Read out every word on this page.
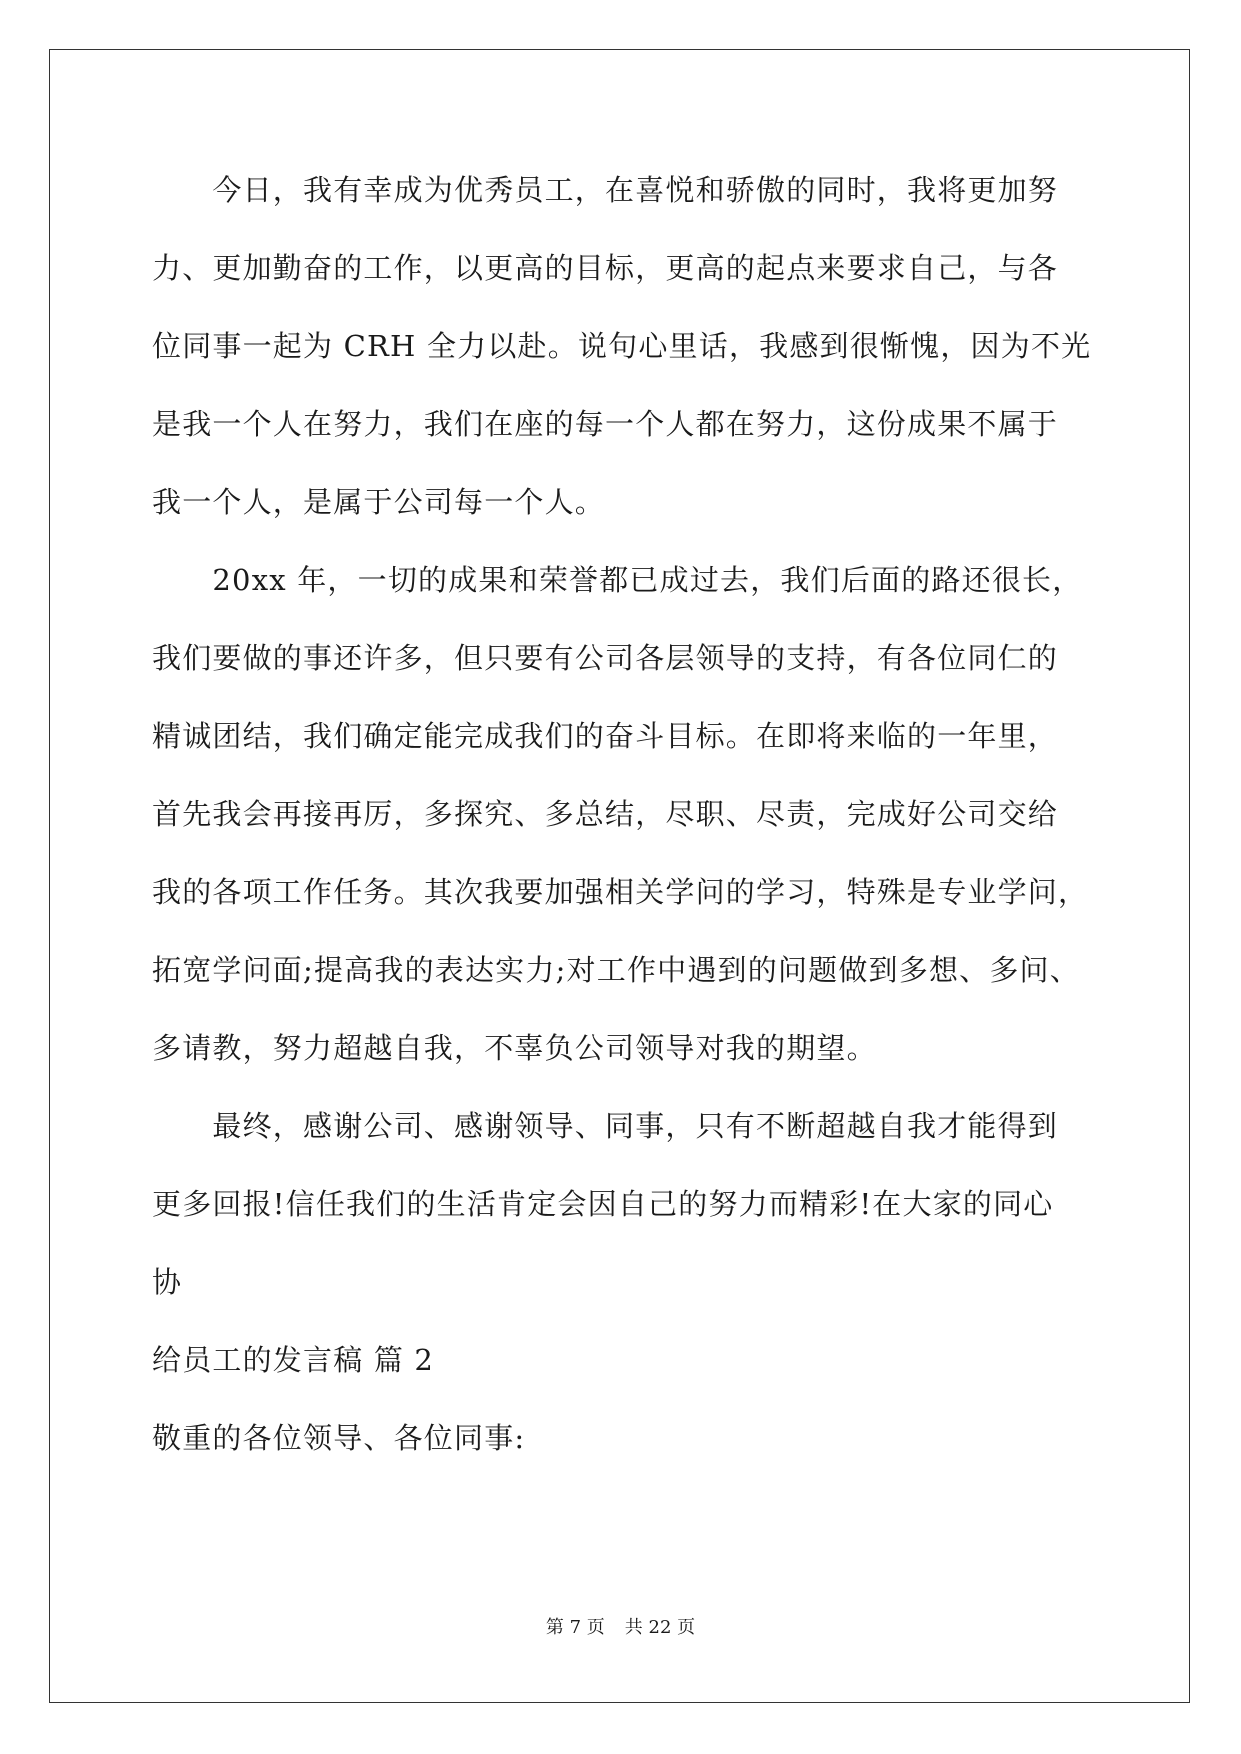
　　今日，我有幸成为优秀员工，在喜悦和骄傲的同时，我将更加努
力、更加勤奋的工作，以更高的目标，更高的起点来要求自己，与各
位同事一起为 CRH 全力以赴。说句心里话，我感到很惭愧，因为不光
是我一个人在努力，我们在座的每一个人都在努力，这份成果不属于
我一个人，是属于公司每一个人。
　　20xx 年，一切的成果和荣誉都已成过去，我们后面的路还很长，
我们要做的事还许多，但只要有公司各层领导的支持，有各位同仁的
精诚团结，我们确定能完成我们的奋斗目标。在即将来临的一年里，
首先我会再接再厉，多探究、多总结，尽职、尽责，完成好公司交给
我的各项工作任务。其次我要加强相关学问的学习，特殊是专业学问，
拓宽学问面;提高我的表达实力;对工作中遇到的问题做到多想、多问、
多请教，努力超越自我，不辜负公司领导对我的期望。
　　最终，感谢公司、感谢领导、同事，只有不断超越自我才能得到
更多回报!信任我们的生活肯定会因自己的努力而精彩!在大家的同心
协
给员工的发言稿 篇 2
敬重的各位领导、各位同事:
第 7 页 共 22 页
